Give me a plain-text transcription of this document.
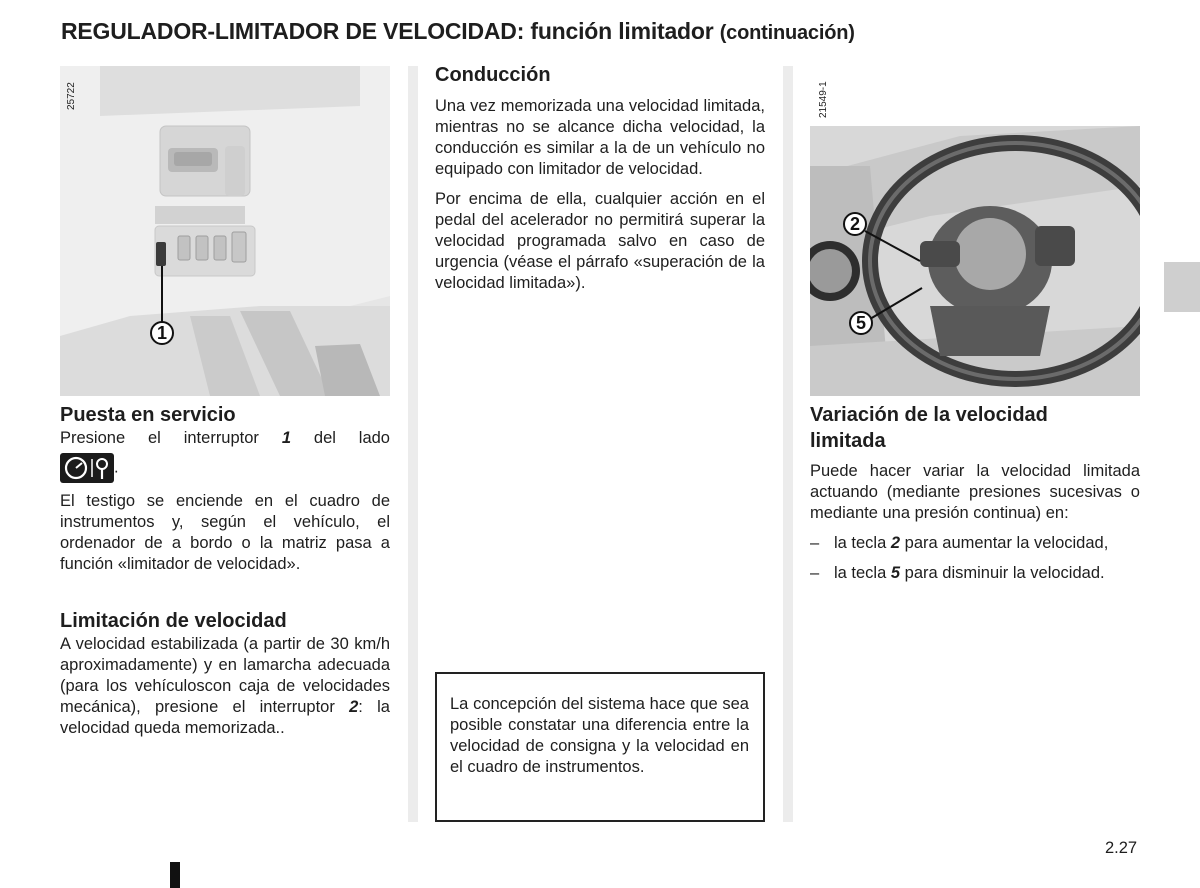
REGULADOR-LIMITADOR DE VELOCIDAD: función limitador (continuación)
25722
1
21549-1
2
5
Puesta en servicio

Presione el interruptor 1 del lado

.

El testigo se enciende en el cuadro de instrumentos y, según el vehículo, el ordenador de a bordo o la matriz pasa a función «limitador de velocidad».

Limitación de velocidad

A velocidad estabilizada (a partir de 30 km/h aproximadamente) y en lamarcha adecuada (para los vehículoscon caja de velocidades mecánica), presione el interruptor 2: la velocidad queda memorizada..

Conducción

Una vez memorizada una velocidad limitada, mientras no se alcance dicha velocidad, la conducción es similar a la de un vehículo no equipado con limitador de velocidad.

Por encima de ella, cualquier acción en el pedal del acelerador no permitirá superar la velocidad programada salvo en caso de urgencia (véase el párrafo «superación de la velocidad limitada»).

La concepción del sistema hace que sea posible constatar una diferencia entre la velocidad de consigna y la velocidad en el cuadro de instrumentos.
Variación de la velocidad
limitada

Puede hacer variar la velocidad limitada actuando (mediante presiones sucesivas o mediante una presión continua) en:

– la tecla 2 para aumentar la velocidad,
– la tecla 5 para disminuir la velocidad.
2.27
